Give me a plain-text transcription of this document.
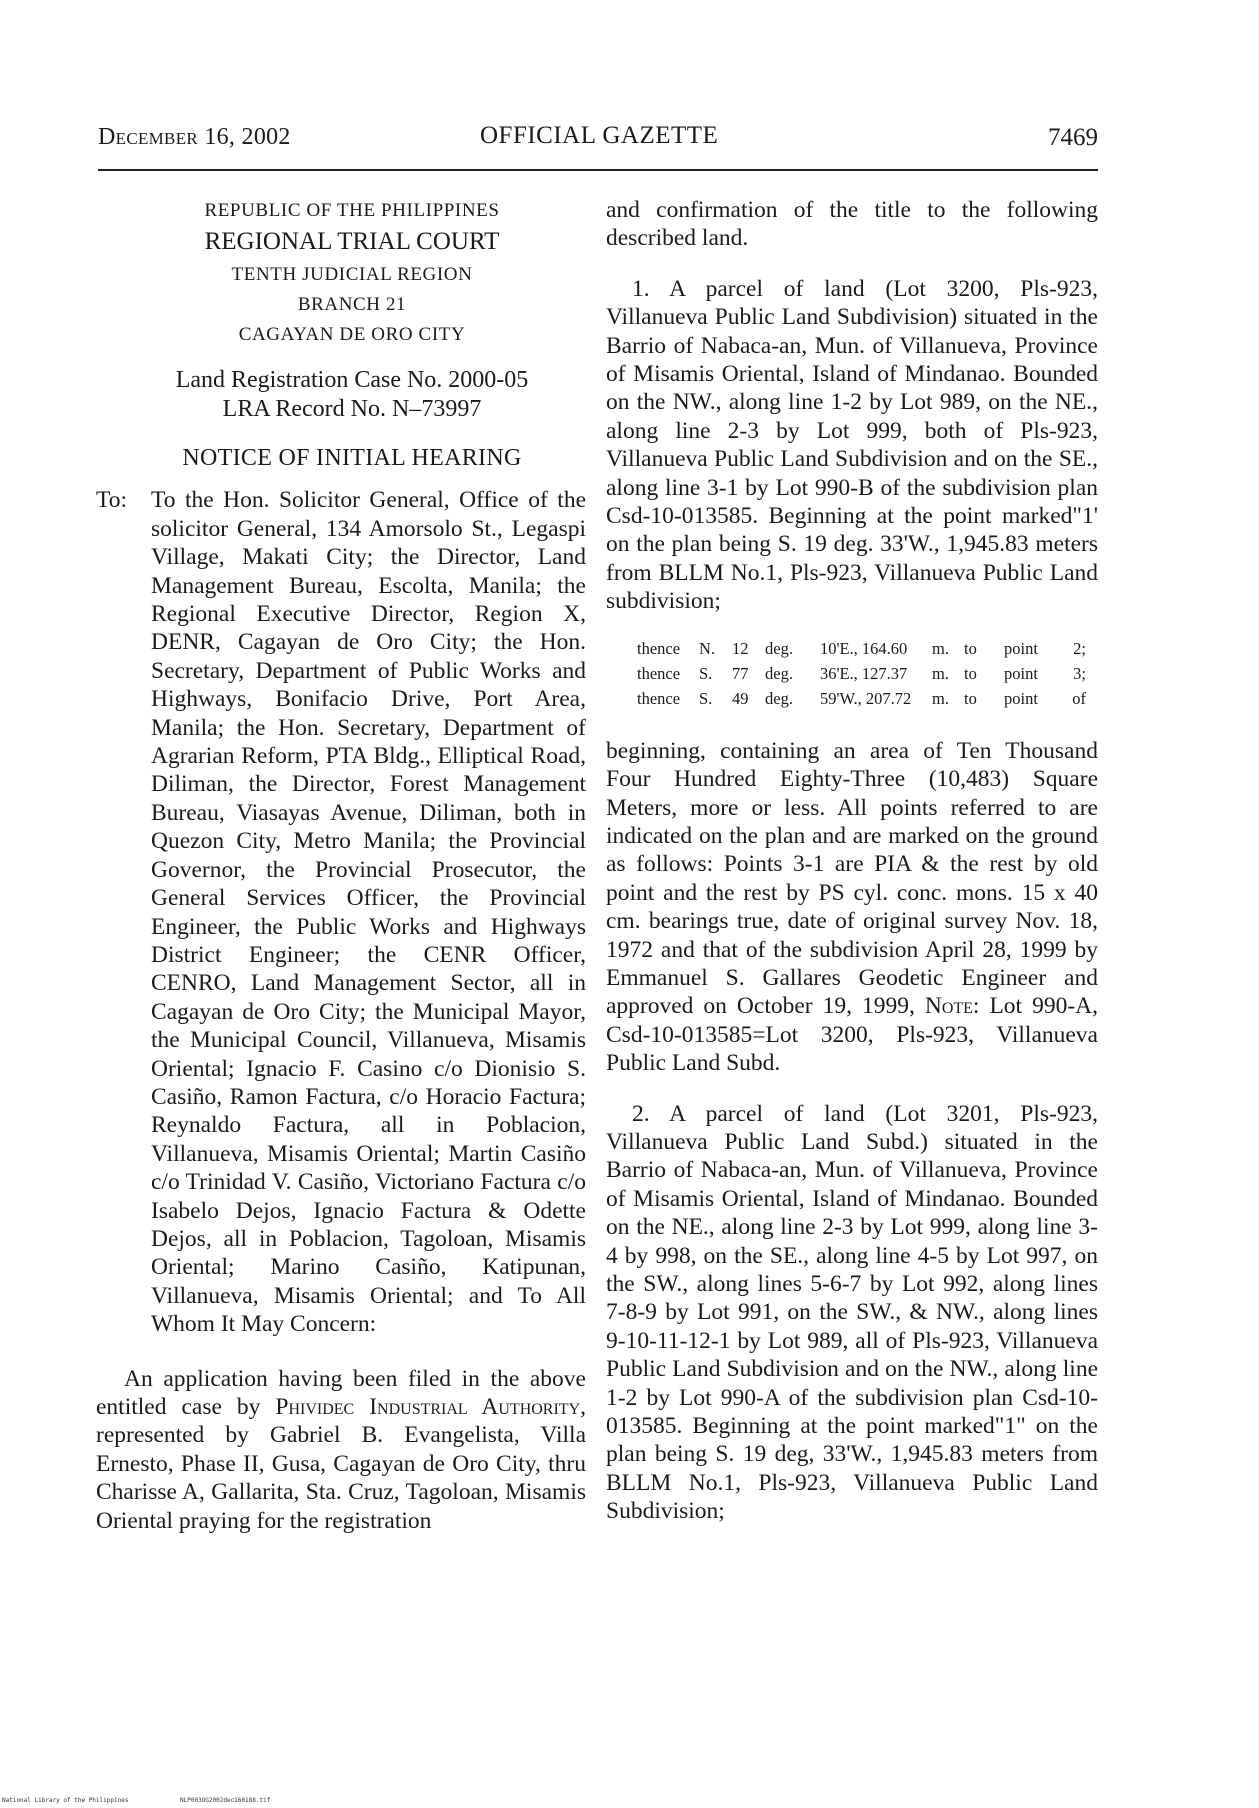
December 16, 2002	OFFICIAL GAZETTE	7469
REPUBLIC OF THE PHILIPPINES
REGIONAL TRIAL COURT
TENTH JUDICIAL REGION
BRANCH 21
CAGAYAN DE ORO CITY
Land Registration Case No. 2000-05
LRA Record No. N–73997
NOTICE OF INITIAL HEARING
To:	To the Hon. Solicitor General, Office of the solicitor General, 134 Amorsolo St., Legaspi Village, Makati City; the Director, Land Management Bureau, Escolta, Manila; the Regional Executive Director, Region X, DENR, Cagayan de Oro City; the Hon. Secretary, Department of Public Works and Highways, Bonifacio Drive, Port Area, Manila; the Hon. Secretary, Department of Agrarian Reform, PTA Bldg., Elliptical Road, Diliman, the Director, Forest Management Bureau, Viasayas Avenue, Diliman, both in Quezon City, Metro Manila; the Provincial Governor, the Provincial Prosecutor, the General Services Officer, the Provincial Engineer, the Public Works and Highways District Engineer; the CENR Officer, CENRO, Land Management Sector, all in Cagayan de Oro City; the Municipal Mayor, the Municipal Council, Villanueva, Misamis Oriental; Ignacio F. Casino c/o Dionisio S. Casiño, Ramon Factura, c/o Horacio Factura; Reynaldo Factura, all in Poblacion, Villanueva, Misamis Oriental; Martin Casiño c/o Trinidad V. Casiño, Victoriano Factura c/o Isabelo Dejos, Ignacio Factura & Odette Dejos, all in Poblacion, Tagoloan, Misamis Oriental; Marino Casiño, Katipunan, Villanueva, Misamis Oriental; and To All Whom It May Concern:

An application having been filed in the above entitled case by Phividec Industrial Authority, represented by Gabriel B. Evangelista, Villa Ernesto, Phase II, Gusa, Cagayan de Oro City, thru Charisse A, Gallarita, Sta. Cruz, Tagoloan, Misamis Oriental praying for the registration

and confirmation of the title to the following described land.

1. A parcel of land (Lot 3200, Pls-923, Villanueva Public Land Subdivision) situated in the Barrio of Nabaca-an, Mun. of Villanueva, Province of Misamis Oriental, Island of Mindanao. Bounded on the NW., along line 1-2 by Lot 989, on the NE., along line 2-3 by Lot 999, both of Pls-923, Villanueva Public Land Subdivision and on the SE., along line 3-1 by Lot 990-B of the subdivision plan Csd-10-013585. Beginning at the point marked"1' on the plan being S. 19 deg. 33'W., 1,945.83 meters from BLLM No.1, Pls-923, Villanueva Public Land subdivision;

thence	N.	12	deg.	10'E., 164.60	m. to	point	2;
thence	S.	77	deg.	36'E., 127.37	m. to	point	3;
thence	S.	49	deg.	59'W., 207.72	m. to	point	of

beginning, containing an area of Ten Thousand Four Hundred Eighty-Three (10,483) Square Meters, more or less. All points referred to are indicated on the plan and are marked on the ground as follows: Points 3-1 are PIA & the rest by old point and the rest by PS cyl. conc. mons. 15 x 40 cm. bearings true, date of original survey Nov. 18, 1972 and that of the subdivision April 28, 1999 by Emmanuel S. Gallares Geodetic Engineer and approved on October 19, 1999, Note: Lot 990-A, Csd-10-013585=Lot 3200, Pls-923, Villanueva Public Land Subd.

2. A parcel of land (Lot 3201, Pls-923, Villanueva Public Land Subd.) situated in the Barrio of Nabaca-an, Mun. of Villanueva, Province of Misamis Oriental, Island of Mindanao. Bounded on the NE., along line 2-3 by Lot 999, along line 3-4 by 998, on the SE., along line 4-5 by Lot 997, on the SW., along lines 5-6-7 by Lot 992, along lines 7-8-9 by Lot 991, on the SW., & NW., along lines 9-10-11-12-1 by Lot 989, all of Pls-923, Villanueva Public Land Subdivision and on the NW., along line 1-2 by Lot 990-A of the subdivision plan Csd-10-013585. Beginning at the point marked"1" on the plan being S. 19 deg, 33'W., 1,945.83 meters from BLLM No.1, Pls-923, Villanueva Public Land Subdivision;

National Library of the Philippines	NLP003OG2002dec160188.tif
